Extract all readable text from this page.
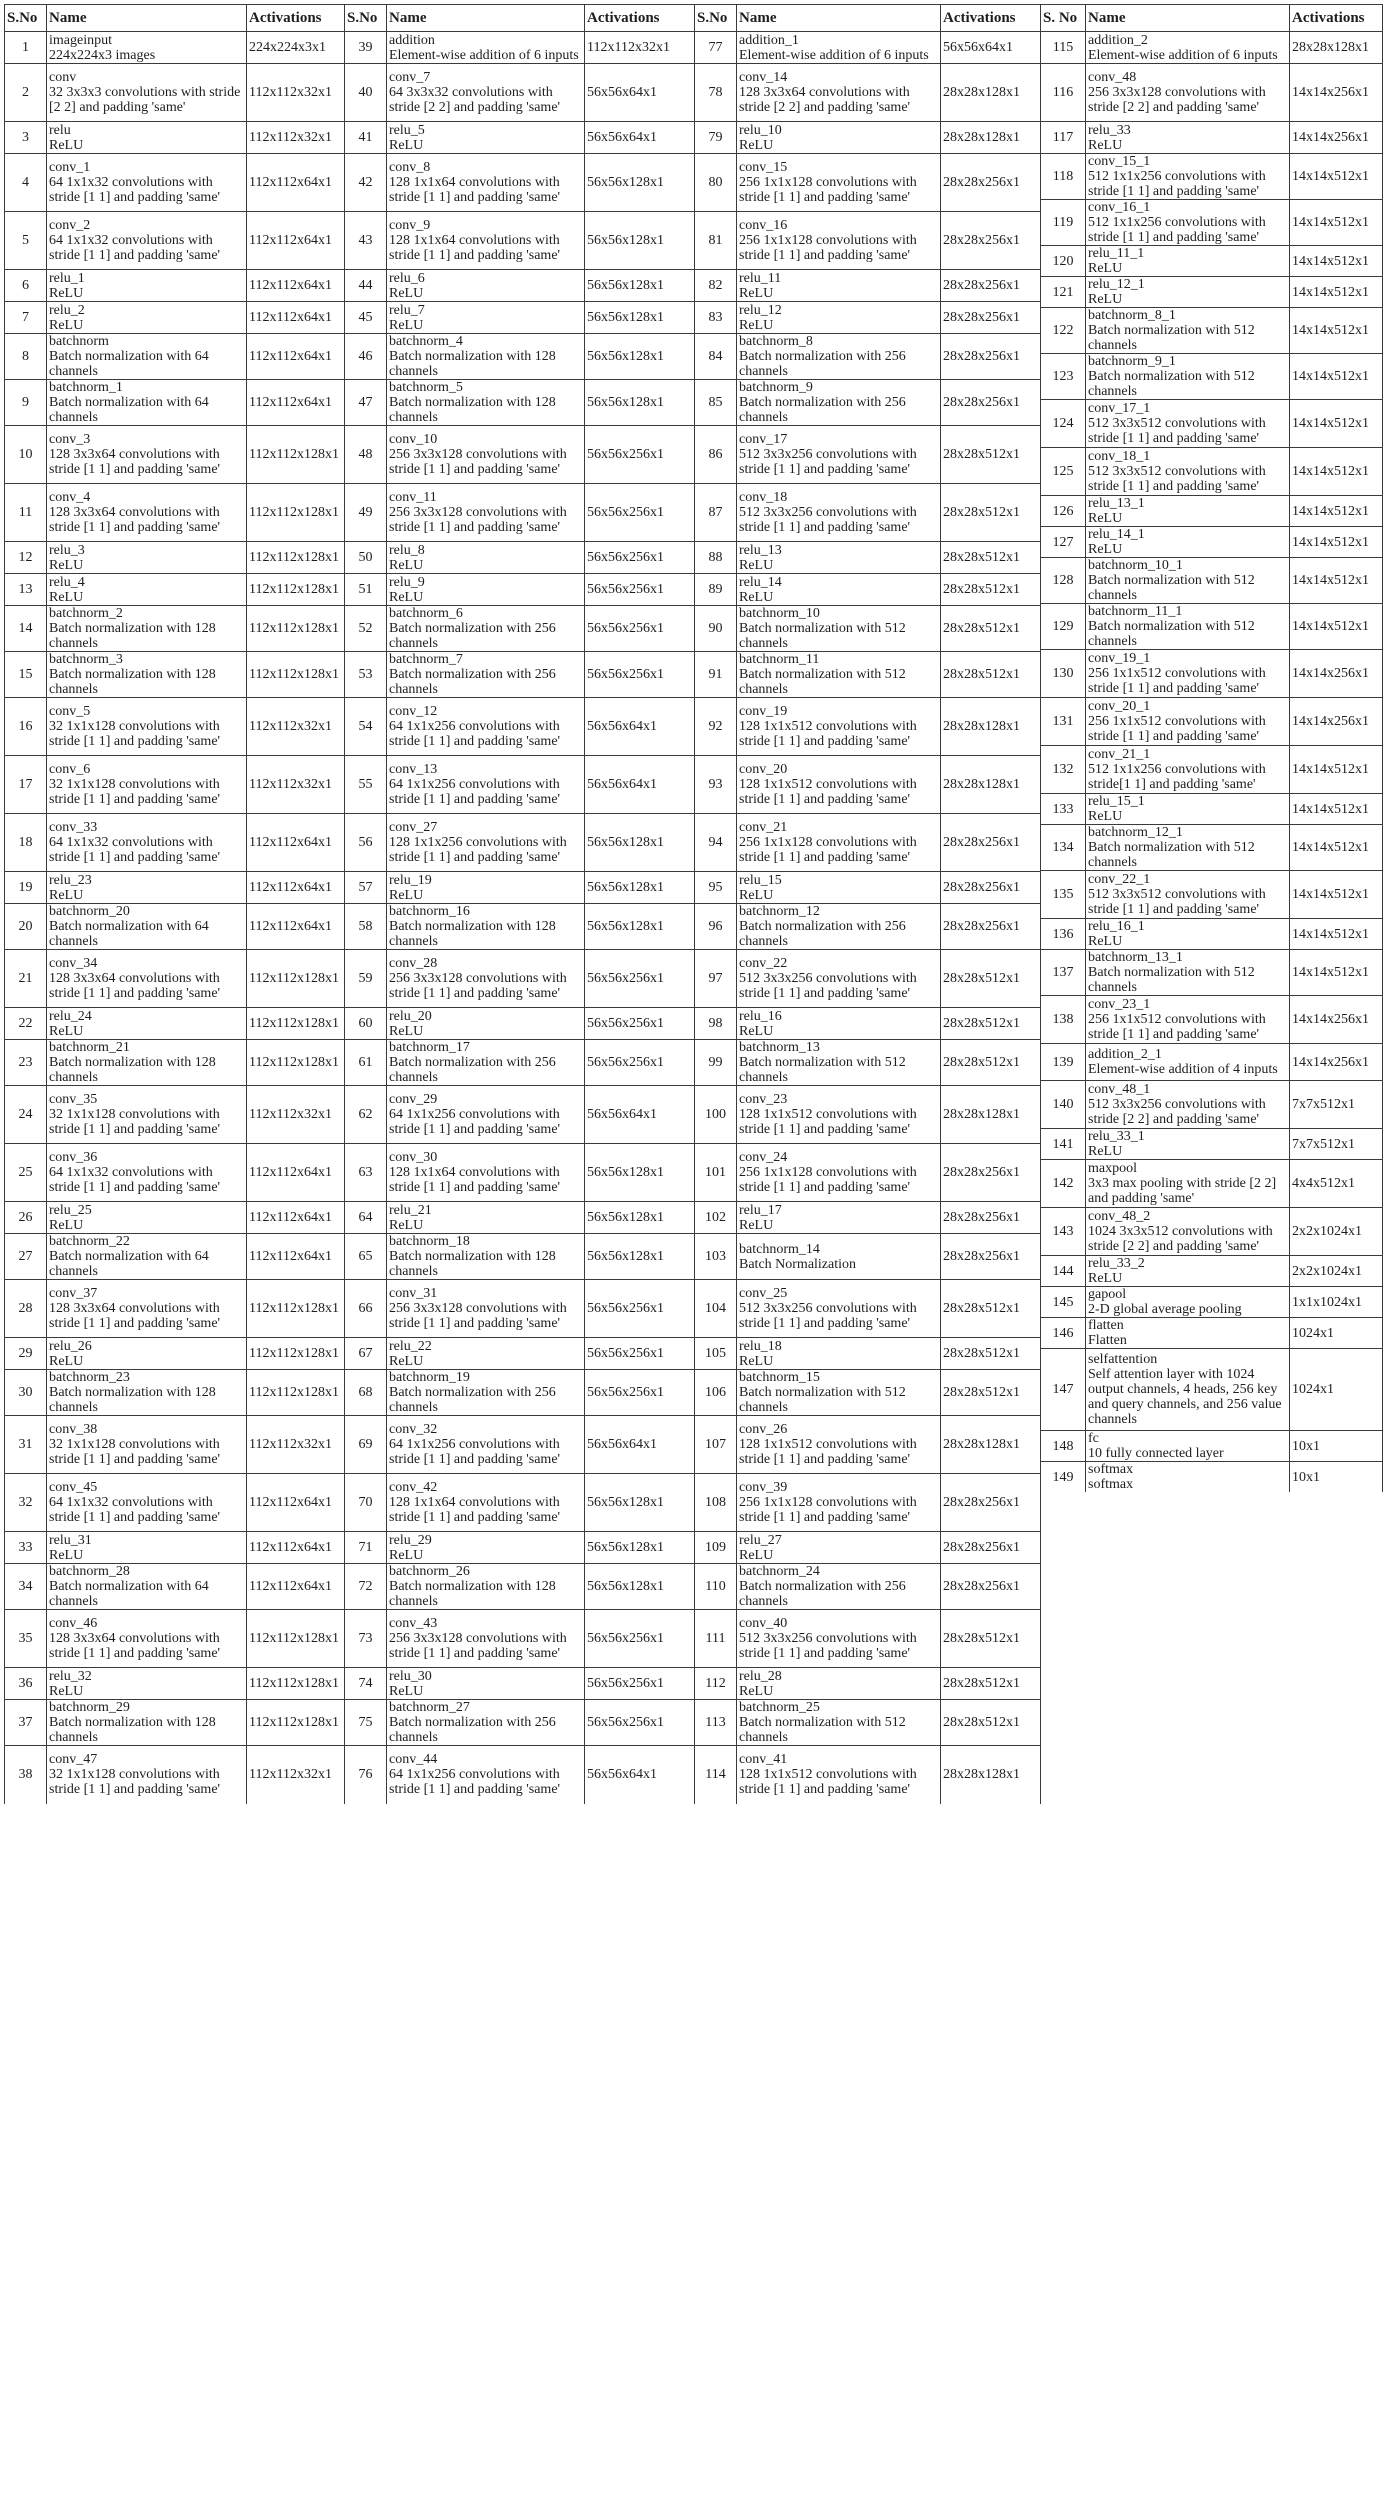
S.No	Name	Activations
1	imageinput
224x224x3 images	224x224x3x1
2	conv
32 3x3x3 convolutions with stride [2 2] and padding 'same'	112x112x32x1
3	relu
ReLU	112x112x32x1
4	conv_1
64 1x1x32 convolutions with stride [1 1] and padding 'same'	112x112x64x1
5	conv_2
64 1x1x32 convolutions with stride [1 1] and padding 'same'	112x112x64x1
6	relu_1
ReLU	112x112x64x1
7	relu_2
ReLU	112x112x64x1
8	batchnorm
Batch normalization with 64 channels	112x112x64x1
9	batchnorm_1
Batch normalization with 64 channels	112x112x64x1
10	conv_3
128 3x3x64 convolutions with stride [1 1] and padding 'same'	112x112x128x1
11	conv_4
128 3x3x64 convolutions with stride [1 1] and padding 'same'	112x112x128x1
12	relu_3
ReLU	112x112x128x1
13	relu_4
ReLU	112x112x128x1
14	batchnorm_2
Batch normalization with 128 channels	112x112x128x1
15	batchnorm_3
Batch normalization with 128 channels	112x112x128x1
16	conv_5
32 1x1x128 convolutions with stride [1 1] and padding 'same'	112x112x32x1
17	conv_6
32 1x1x128 convolutions with stride [1 1] and padding 'same'	112x112x32x1
18	conv_33
64 1x1x32 convolutions with stride [1 1] and padding 'same'	112x112x64x1
19	relu_23
ReLU	112x112x64x1
20	batchnorm_20
Batch normalization with 64 channels	112x112x64x1
21	conv_34
128 3x3x64 convolutions with stride [1 1] and padding 'same'	112x112x128x1
22	relu_24
ReLU	112x112x128x1
23	batchnorm_21
Batch normalization with 128 channels	112x112x128x1
24	conv_35
32 1x1x128 convolutions with stride [1 1] and padding 'same'	112x112x32x1
25	conv_36
64 1x1x32 convolutions with stride [1 1] and padding 'same'	112x112x64x1
26	relu_25
ReLU	112x112x64x1
27	batchnorm_22
Batch normalization with 64 channels	112x112x64x1
28	conv_37
128 3x3x64 convolutions with stride [1 1] and padding 'same'	112x112x128x1
29	relu_26
ReLU	112x112x128x1
30	batchnorm_23
Batch normalization with 128 channels	112x112x128x1
31	conv_38
32 1x1x128 convolutions with stride [1 1] and padding 'same'	112x112x32x1
32	conv_45
64 1x1x32 convolutions with stride [1 1] and padding 'same'	112x112x64x1
33	relu_31
ReLU	112x112x64x1
34	batchnorm_28
Batch normalization with 64 channels	112x112x64x1
35	conv_46
128 3x3x64 convolutions with stride [1 1] and padding 'same'	112x112x128x1
36	relu_32
ReLU	112x112x128x1
37	batchnorm_29
Batch normalization with 128 channels	112x112x128x1
38	conv_47
32 1x1x128 convolutions with stride [1 1] and padding 'same'	112x112x32x1
S.No	Name	Activations
39	addition
Element-wise addition of 6 inputs	112x112x32x1
40	conv_7
64 3x3x32 convolutions with stride [2 2] and padding 'same'	56x56x64x1
41	relu_5
ReLU	56x56x64x1
42	conv_8
128 1x1x64 convolutions with stride [1 1] and padding 'same'	56x56x128x1
43	conv_9
128 1x1x64 convolutions with stride [1 1] and padding 'same'	56x56x128x1
44	relu_6
ReLU	56x56x128x1
45	relu_7
ReLU	56x56x128x1
46	batchnorm_4
Batch normalization with 128 channels	56x56x128x1
47	batchnorm_5
Batch normalization with 128 channels	56x56x128x1
48	conv_10
256 3x3x128 convolutions with stride [1 1] and padding 'same'	56x56x256x1
49	conv_11
256 3x3x128 convolutions with stride [1 1] and padding 'same'	56x56x256x1
50	relu_8
ReLU	56x56x256x1
51	relu_9
ReLU	56x56x256x1
52	batchnorm_6
Batch normalization with 256 channels	56x56x256x1
53	batchnorm_7
Batch normalization with 256 channels	56x56x256x1
54	conv_12
64 1x1x256 convolutions with stride [1 1] and padding 'same'	56x56x64x1
55	conv_13
64 1x1x256 convolutions with stride [1 1] and padding 'same'	56x56x64x1
56	conv_27
128 1x1x256 convolutions with stride [1 1] and padding 'same'	56x56x128x1
57	relu_19
ReLU	56x56x128x1
58	batchnorm_16
Batch normalization with 128 channels	56x56x128x1
59	conv_28
256 3x3x128 convolutions with stride [1 1] and padding 'same'	56x56x256x1
60	relu_20
ReLU	56x56x256x1
61	batchnorm_17
Batch normalization with 256 channels	56x56x256x1
62	conv_29
64 1x1x256 convolutions with stride [1 1] and padding 'same'	56x56x64x1
63	conv_30
128 1x1x64 convolutions with stride [1 1] and padding 'same'	56x56x128x1
64	relu_21
ReLU	56x56x128x1
65	batchnorm_18
Batch normalization with 128 channels	56x56x128x1
66	conv_31
256 3x3x128 convolutions with stride [1 1] and padding 'same'	56x56x256x1
67	relu_22
ReLU	56x56x256x1
68	batchnorm_19
Batch normalization with 256 channels	56x56x256x1
69	conv_32
64 1x1x256 convolutions with stride [1 1] and padding 'same'	56x56x64x1
70	conv_42
128 1x1x64 convolutions with stride [1 1] and padding 'same'	56x56x128x1
71	relu_29
ReLU	56x56x128x1
72	batchnorm_26
Batch normalization with 128 channels	56x56x128x1
73	conv_43
256 3x3x128 convolutions with stride [1 1] and padding 'same'	56x56x256x1
74	relu_30
ReLU	56x56x256x1
75	batchnorm_27
Batch normalization with 256 channels	56x56x256x1
76	conv_44
64 1x1x256 convolutions with stride [1 1] and padding 'same'	56x56x64x1
S.No	Name	Activations
77	addition_1
Element-wise addition of 6 inputs	56x56x64x1
78	conv_14
128 3x3x64 convolutions with stride [2 2] and padding 'same'	28x28x128x1
79	relu_10
ReLU	28x28x128x1
80	conv_15
256 1x1x128 convolutions with stride [1 1] and padding 'same'	28x28x256x1
81	conv_16
256 1x1x128 convolutions with stride [1 1] and padding 'same'	28x28x256x1
82	relu_11
ReLU	28x28x256x1
83	relu_12
ReLU	28x28x256x1
84	batchnorm_8
Batch normalization with 256 channels	28x28x256x1
85	batchnorm_9
Batch normalization with 256 channels	28x28x256x1
86	conv_17
512 3x3x256 convolutions with stride [1 1] and padding 'same'	28x28x512x1
87	conv_18
512 3x3x256 convolutions with stride [1 1] and padding 'same'	28x28x512x1
88	relu_13
ReLU	28x28x512x1
89	relu_14
ReLU	28x28x512x1
90	batchnorm_10
Batch normalization with 512 channels	28x28x512x1
91	batchnorm_11
Batch normalization with 512 channels	28x28x512x1
92	conv_19
128 1x1x512 convolutions with stride [1 1] and padding 'same'	28x28x128x1
93	conv_20
128 1x1x512 convolutions with stride [1 1] and padding 'same'	28x28x128x1
94	conv_21
256 1x1x128 convolutions with stride [1 1] and padding 'same'	28x28x256x1
95	relu_15
ReLU	28x28x256x1
96	batchnorm_12
Batch normalization with 256 channels	28x28x256x1
97	conv_22
512 3x3x256 convolutions with stride [1 1] and padding 'same'	28x28x512x1
98	relu_16
ReLU	28x28x512x1
99	batchnorm_13
Batch normalization with 512 channels	28x28x512x1
100	conv_23
128 1x1x512 convolutions with stride [1 1] and padding 'same'	28x28x128x1
101	conv_24
256 1x1x128 convolutions with stride [1 1] and padding 'same'	28x28x256x1
102	relu_17
ReLU	28x28x256x1
103	batchnorm_14
Batch Normalization	28x28x256x1
104	conv_25
512 3x3x256 convolutions with stride [1 1] and padding 'same'	28x28x512x1
105	relu_18
ReLU	28x28x512x1
106	batchnorm_15
Batch normalization with 512 channels	28x28x512x1
107	conv_26
128 1x1x512 convolutions with stride [1 1] and padding 'same'	28x28x128x1
108	conv_39
256 1x1x128 convolutions with stride [1 1] and padding 'same'	28x28x256x1
109	relu_27
ReLU	28x28x256x1
110	batchnorm_24
Batch normalization with 256 channels	28x28x256x1
111	conv_40
512 3x3x256 convolutions with stride [1 1] and padding 'same'	28x28x512x1
112	relu_28
ReLU	28x28x512x1
113	batchnorm_25
Batch normalization with 512 channels	28x28x512x1
114	conv_41
128 1x1x512 convolutions with stride [1 1] and padding 'same'	28x28x128x1
S. No	Name	Activations
115	addition_2
Element-wise addition of 6 inputs	28x28x128x1
116	conv_48
256 3x3x128 convolutions with stride [2 2] and padding 'same'	14x14x256x1
117	relu_33
ReLU	14x14x256x1
118	conv_15_1
512 1x1x256 convolutions with stride [1 1] and padding 'same'	14x14x512x1
119	conv_16_1
512 1x1x256 convolutions with stride [1 1] and padding 'same'	14x14x512x1
120	relu_11_1
ReLU	14x14x512x1
121	relu_12_1
ReLU	14x14x512x1
122	batchnorm_8_1
Batch normalization with 512 channels	14x14x512x1
123	batchnorm_9_1
Batch normalization with 512 channels	14x14x512x1
124	conv_17_1
512 3x3x512 convolutions with stride [1 1] and padding 'same'	14x14x512x1
125	conv_18_1
512 3x3x512 convolutions with stride [1 1] and padding 'same'	14x14x512x1
126	relu_13_1
ReLU	14x14x512x1
127	relu_14_1
ReLU	14x14x512x1
128	batchnorm_10_1
Batch normalization with 512 channels	14x14x512x1
129	batchnorm_11_1
Batch normalization with 512 channels	14x14x512x1
130	conv_19_1
256 1x1x512 convolutions with stride [1 1] and padding 'same'	14x14x256x1
131	conv_20_1
256 1x1x512 convolutions with stride [1 1] and padding 'same'	14x14x256x1
132	conv_21_1
512 1x1x256 convolutions with stride[1 1] and padding 'same'	14x14x512x1
133	relu_15_1
ReLU	14x14x512x1
134	batchnorm_12_1
Batch normalization with 512 channels	14x14x512x1
135	conv_22_1
512 3x3x512 convolutions with stride [1 1] and padding 'same'	14x14x512x1
136	relu_16_1
ReLU	14x14x512x1
137	batchnorm_13_1
Batch normalization with 512 channels	14x14x512x1
138	conv_23_1
256 1x1x512 convolutions with stride [1 1] and padding 'same'	14x14x256x1
139	addition_2_1
Element-wise addition of 4 inputs	14x14x256x1
140	conv_48_1
512 3x3x256 convolutions with stride [2 2] and padding 'same'	7x7x512x1
141	relu_33_1
ReLU	7x7x512x1
142	maxpool
3x3 max pooling with stride [2 2] and padding 'same'	4x4x512x1
143	conv_48_2
1024 3x3x512 convolutions with stride [2 2] and padding 'same'	2x2x1024x1
144	relu_33_2
ReLU	2x2x1024x1
145	gapool
2-D global average pooling	1x1x1024x1
146	flatten
Flatten	1024x1
147	selfattention
Self attention layer with 1024 output channels, 4 heads, 256 key and query channels, and 256 value channels	1024x1
148	fc
10 fully connected layer	10x1
149	softmax
softmax	10x1
